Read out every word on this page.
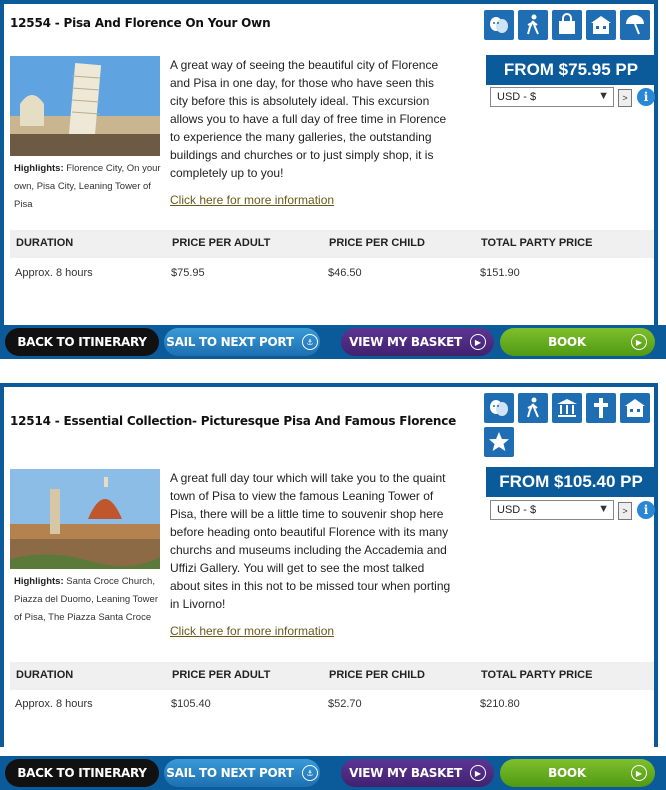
12554 - Pisa And Florence On Your Own
Highlights: Florence City, On your own, Pisa City, Leaning Tower of Pisa
A great way of seeing the beautiful city of Florence and Pisa in one day, for those who have seen this city before this is absolutely ideal. This excursion allows you to have a full day of free time in Florence to experience the many galleries, the outstanding buildings and churches or to just simply shop, it is completely up to you!
Click here for more information
FROM $75.95 PP
USD - $	▼	>	i
DURATION	PRICE PER ADULT	PRICE PER CHILD	TOTAL PARTY PRICE
Approx. 8 hours	$75.95	$46.50	$151.90
BACK TO ITINERARY SAIL TO NEXT PORT	⚓	VIEW MY BASKET	▶	BOOK	▶
12514 - Essential Collection- Picturesque Pisa And Famous Florence
Highlights: Santa Croce Church, Piazza del Duomo, Leaning Tower of Pisa, The Piazza Santa Croce
A great full day tour which will take you to the quaint town of Pisa to view the famous Leaning Tower of Pisa, there will be a little time to souvenir shop here before heading onto beautiful Florence with its many churchs and museums including the Accademia and Uffizi Gallery. You will get to see the most talked about sites in this not to be missed tour when porting in Livorno!
Click here for more information
FROM $105.40 PP
USD - $	▼	>	i
DURATION	PRICE PER ADULT	PRICE PER CHILD	TOTAL PARTY PRICE
Approx. 8 hours	$105.40	$52.70	$210.80
BACK TO ITINERARY SAIL TO NEXT PORT	⚓	VIEW MY BASKET	▶	BOOK	▶
